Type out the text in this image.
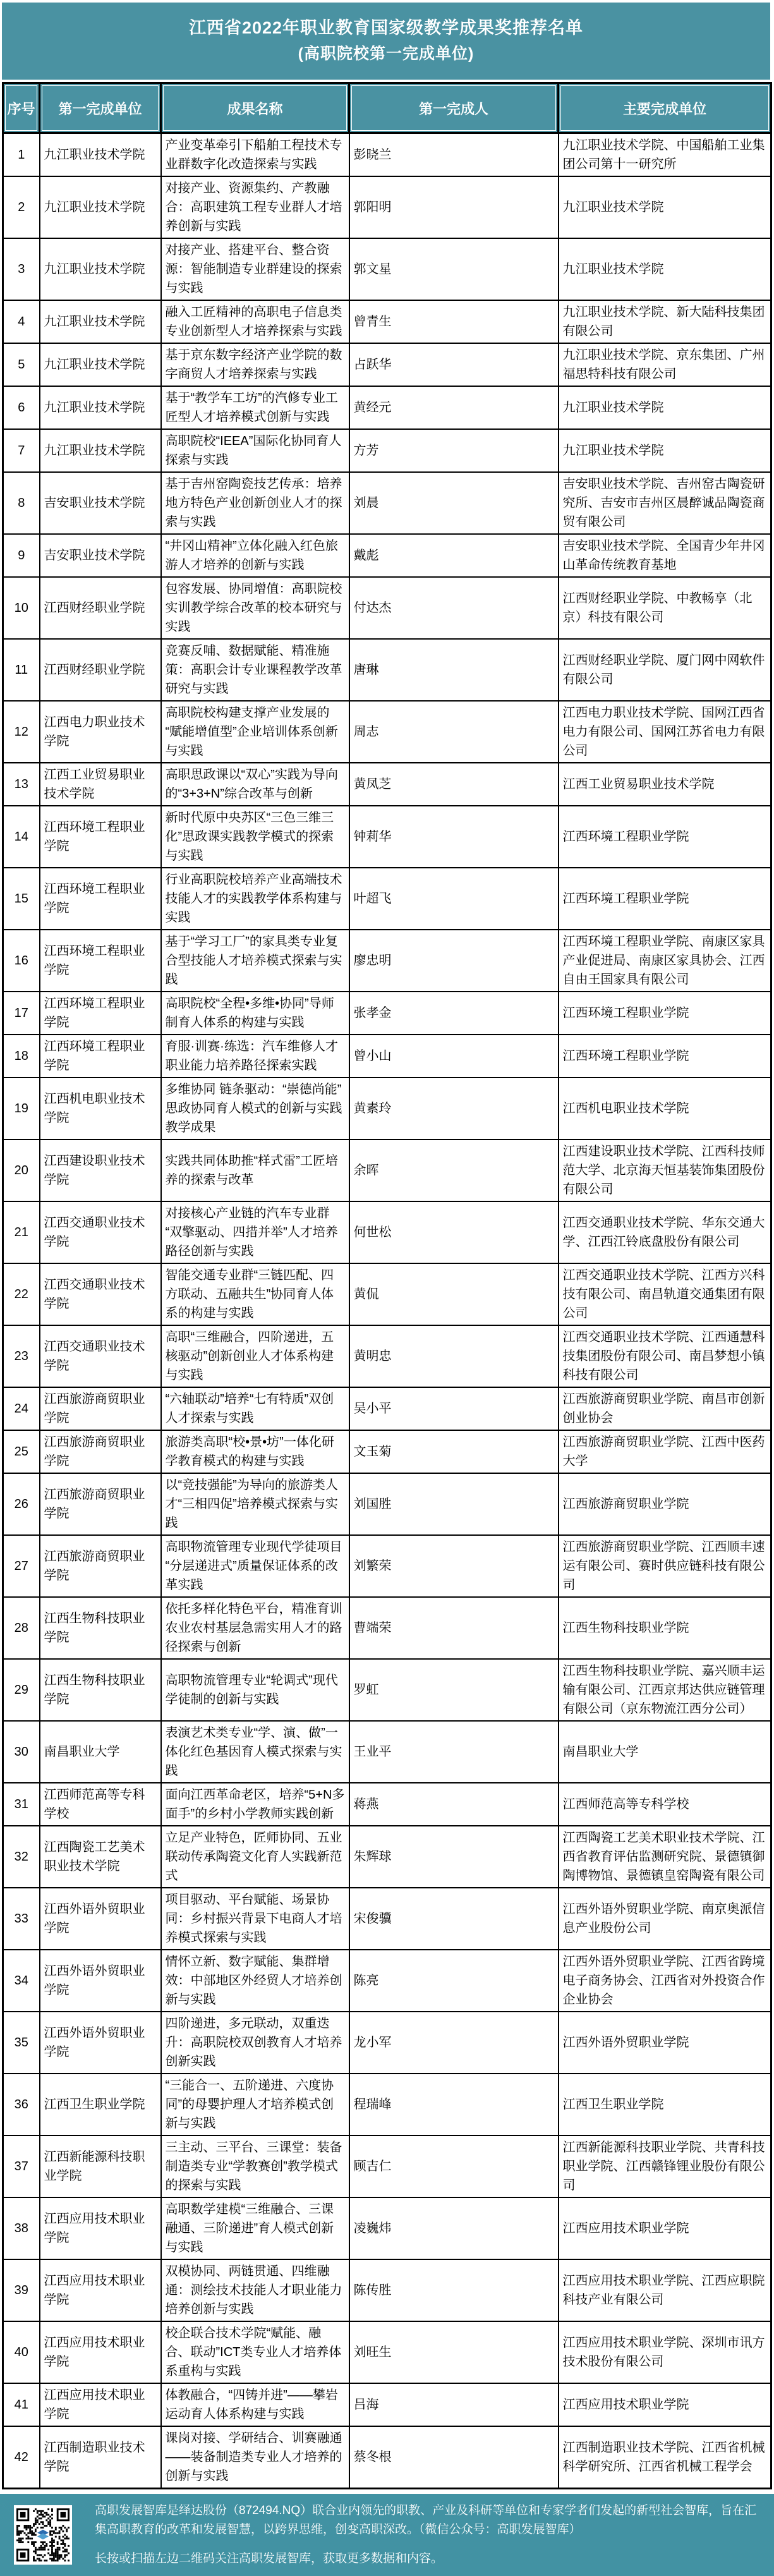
江西省2022年职业教育国家级教学成果奖推荐名单
(高职院校第一完成单位)
序号	第一完成单位	成果名称	第一完成人	主要完成单位
1	九江职业技术学院	产业变革牵引下船舶工程技术专业群数字化改造探索与实践	彭晓兰	九江职业技术学院、中国船舶工业集团公司第十一研究所
2	九江职业技术学院	对接产业、资源集约、产教融合：高职建筑工程专业群人才培养创新与实践	郭阳明	九江职业技术学院
3	九江职业技术学院	对接产业、搭建平台、整合资源：智能制造专业群建设的探索与实践	郭文星	九江职业技术学院
4	九江职业技术学院	融入工匠精神的高职电子信息类专业创新型人才培养探索与实践	曾青生	九江职业技术学院、新大陆科技集团有限公司
5	九江职业技术学院	基于京东数字经济产业学院的数字商贸人才培养探索与实践	占跃华	九江职业技术学院、京东集团、广州福思特科技有限公司
6	九江职业技术学院	基于“教学车工坊”的汽修专业工匠型人才培养模式创新与实践	黄经元	九江职业技术学院
7	九江职业技术学院	高职院校“IEEA”国际化协同育人探索与实践	方芳	九江职业技术学院
8	吉安职业技术学院	基于吉州窑陶瓷技艺传承：培养地方特色产业创新创业人才的探索与实践	刘晨	吉安职业技术学院、吉州窑古陶瓷研究所、吉安市吉州区晨醉诚品陶瓷商贸有限公司
9	吉安职业技术学院	“井冈山精神”立体化融入红色旅游人才培养的创新与实践	戴彪	吉安职业技术学院、全国青少年井冈山革命传统教育基地
10	江西财经职业学院	包容发展、协同增值：高职院校实训教学综合改革的校本研究与实践	付达杰	江西财经职业学院、中教畅享（北京）科技有限公司
11	江西财经职业学院	竞赛反哺、数据赋能、精准施策：高职会计专业课程教学改革研究与实践	唐琳	江西财经职业学院、厦门网中网软件有限公司
12	江西电力职业技术学院	高职院校构建支撑产业发展的“赋能增值型”企业培训体系创新与实践	周志	江西电力职业技术学院、国网江西省电力有限公司、国网江苏省电力有限公司
13	江西工业贸易职业技术学院	高职思政课以“双心”实践为导向的“3+3+N”综合改革与创新	黄凤芝	江西工业贸易职业技术学院
14	江西环境工程职业学院	新时代原中央苏区“三色三维三化”思政课实践教学模式的探索与实践	钟莉华	江西环境工程职业学院
15	江西环境工程职业学院	行业高职院校培养产业高端技术技能人才的实践教学体系构建与实践	叶超飞	江西环境工程职业学院
16	江西环境工程职业学院	基于“学习工厂”的家具类专业复合型技能人才培养模式探索与实践	廖忠明	江西环境工程职业学院、南康区家具产业促进局、南康区家具协会、江西自由王国家具有限公司
17	江西环境工程职业学院	高职院校“全程•多维•协同”导师制育人体系的构建与实践	张孝金	江西环境工程职业学院
18	江西环境工程职业学院	育服·训赛·练选：汽车维修人才职业能力培养路径探索实践	曾小山	江西环境工程职业学院
19	江西机电职业技术学院	多维协同 链条驱动：“崇德尚能”思政协同育人模式的创新与实践教学成果	黄素玲	江西机电职业技术学院
20	江西建设职业技术学院	实践共同体助推“样式雷”工匠培养的探索与改革	余晖	江西建设职业技术学院、江西科技师范大学、北京海天恒基装饰集团股份有限公司
21	江西交通职业技术学院	对接核心产业链的汽车专业群“双擎驱动、四措并举”人才培养路径创新与实践	何世松	江西交通职业技术学院、华东交通大学、江西江铃底盘股份有限公司
22	江西交通职业技术学院	智能交通专业群“三链匹配、四方联动、五融共生”协同育人体系的构建与实践	黄侃	江西交通职业技术学院、江西方兴科技有限公司、南昌轨道交通集团有限公司
23	江西交通职业技术学院	高职“三维融合，四阶递进，五核驱动”创新创业人才体系构建与实践	黄明忠	江西交通职业技术学院、江西通慧科技集团股份有限公司、南昌梦想小镇科技有限公司
24	江西旅游商贸职业学院	“六轴联动”培养“七有特质”双创人才探索与实践	吴小平	江西旅游商贸职业学院、南昌市创新创业协会
25	江西旅游商贸职业学院	旅游类高职“校•景•坊”一体化研学教育模式的构建与实践	文玉菊	江西旅游商贸职业学院、江西中医药大学
26	江西旅游商贸职业学院	以“竞技强能”为导向的旅游类人才“三相四促”培养模式探索与实践	刘国胜	江西旅游商贸职业学院
27	江西旅游商贸职业学院	高职物流管理专业现代学徒项目“分层递进式”质量保证体系的改革实践	刘繁荣	江西旅游商贸职业学院、江西顺丰速运有限公司、赛时供应链科技有限公司
28	江西生物科技职业学院	依托多样化特色平台，精准育训农业农村基层急需实用人才的路径探索与创新	曹端荣	江西生物科技职业学院
29	江西生物科技职业学院	高职物流管理专业“轮调式”现代学徒制的创新与实践	罗虹	江西生物科技职业学院、嘉兴顺丰运输有限公司、江西京邦达供应链管理有限公司（京东物流江西分公司）
30	南昌职业大学	表演艺术类专业“学、演、做”一体化红色基因育人模式探索与实践	王业平	南昌职业大学
31	江西师范高等专科学校	面向江西革命老区，培养“5+N多面手”的乡村小学教师实践创新	蒋燕	江西师范高等专科学校
32	江西陶瓷工艺美术职业技术学院	立足产业特色，匠师协同、五业联动传承陶瓷文化育人实践新范式	朱辉球	江西陶瓷工艺美术职业技术学院、江西省教育评估监测研究院、景德镇御陶博物馆、景德镇皇窑陶瓷有限公司
33	江西外语外贸职业学院	项目驱动、平台赋能、场景协同：乡村振兴背景下电商人才培养模式探索与实践	宋俊骥	江西外语外贸职业学院、南京奥派信息产业股份公司
34	江西外语外贸职业学院	情怀立新、数字赋能、集群增效：中部地区外经贸人才培养创新与实践	陈亮	江西外语外贸职业学院、江西省跨境电子商务协会、江西省对外投资合作企业协会
35	江西外语外贸职业学院	四阶递进，多元联动，双重迭升：高职院校双创教育人才培养创新实践	龙小军	江西外语外贸职业学院
36	江西卫生职业学院	“三能合一、五阶递进、六度协同”的母婴护理人才培养模式创新与实践	程瑞峰	江西卫生职业学院
37	江西新能源科技职业学院	三主动、三平台、三课堂：装备制造类专业“学教赛创”教学模式的探索与实践	顾吉仁	江西新能源科技职业学院、共青科技职业学院、江西赣锋锂业股份有限公司
38	江西应用技术职业学院	高职数学建模“三维融合、三课融通、三阶递进”育人模式创新与实践	凌巍炜	江西应用技术职业学院
39	江西应用技术职业学院	双模协同、两链贯通、四维融通：测绘技术技能人才职业能力培养创新与实践	陈传胜	江西应用技术职业学院、江西应职院科技产业有限公司
40	江西应用技术职业学院	校企联合技术学院“赋能、融合、联动”ICT类专业人才培养体系重构与实践	刘旺生	江西应用技术职业学院、深圳市讯方技术股份有限公司
41	江西应用技术职业学院	体教融合，“四铸并进”——攀岩运动育人体系构建与实践	吕海	江西应用技术职业学院
42	江西制造职业技术学院	课岗对接、学研结合、训赛融通——装备制造类专业人才培养的创新与实践	蔡冬根	江西制造职业技术学院、江西省机械科学研究所、江西省机械工程学会
高职发展智库是绎达股份（872494.NQ）联合业内领先的职教、产业及科研等单位和专家学者们发起的新型社会智库，旨在汇集高职教育的改革和发展智慧，以跨界思维，创变高职深改。（微信公众号：高职发展智库）
长按或扫描左边二维码关注高职发展智库，获取更多数据和内容。
